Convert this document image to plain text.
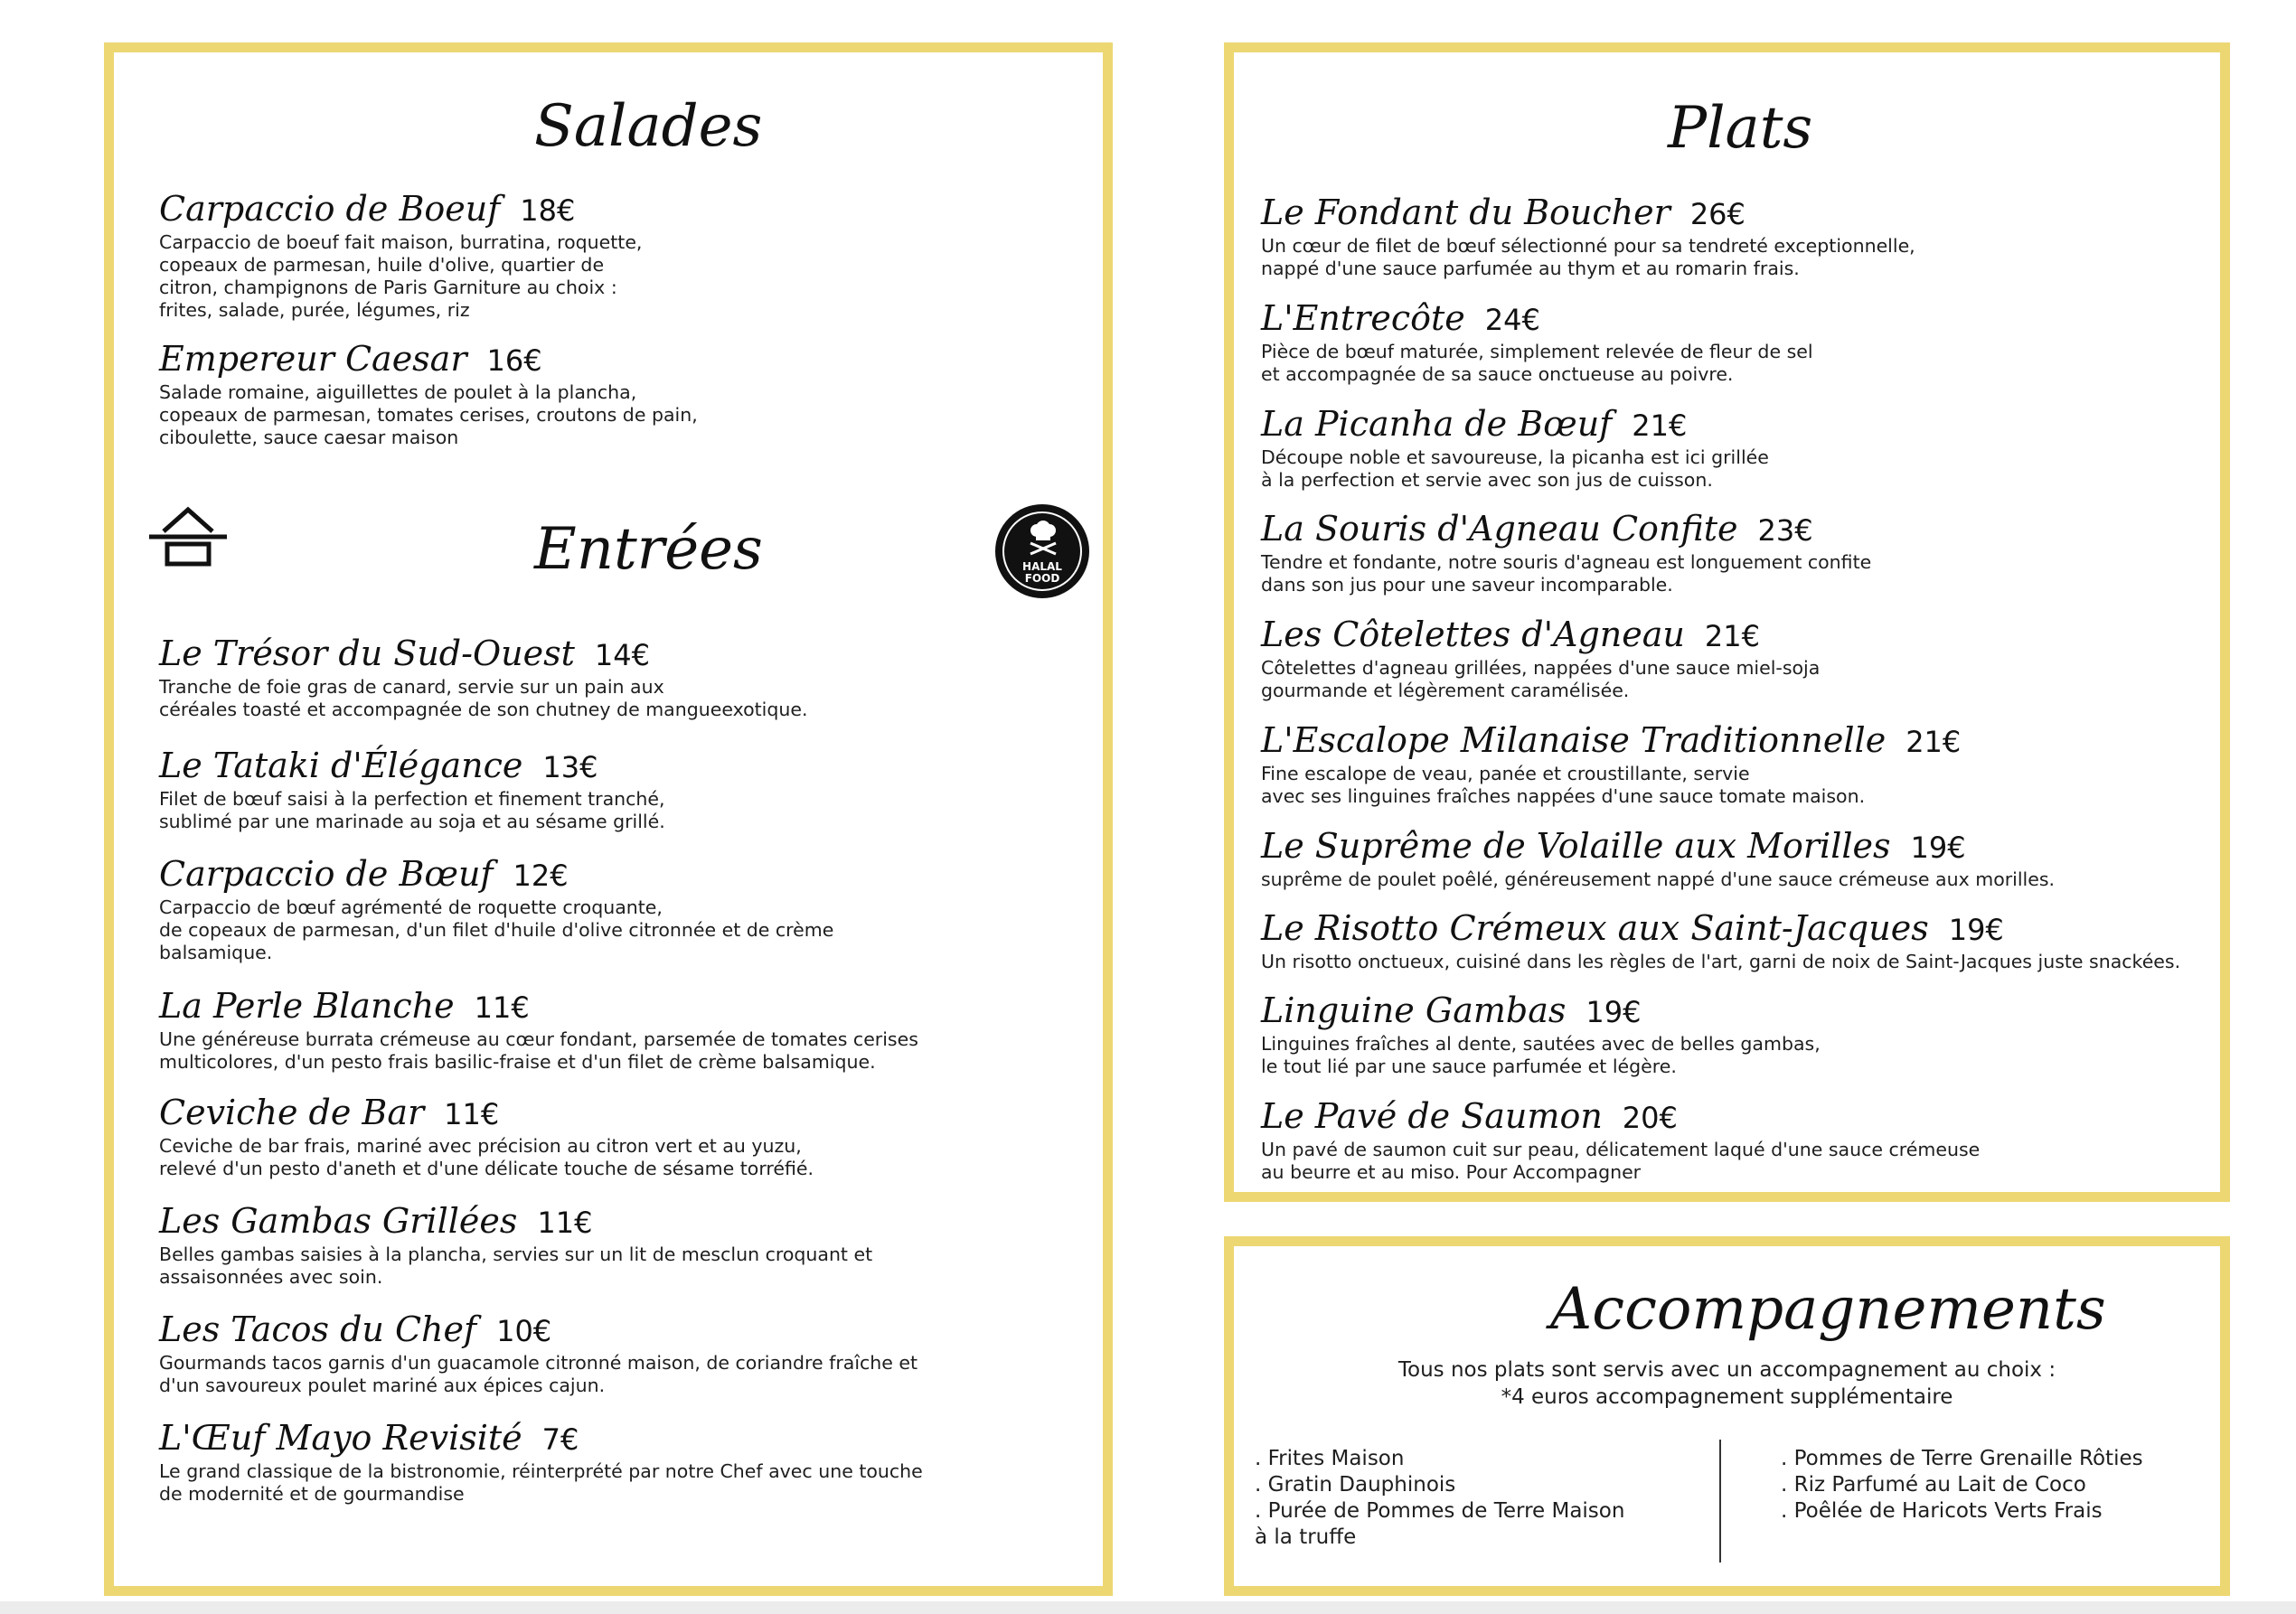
Salades
Carpaccio de Boeuf 18€

Carpaccio de boeuf fait maison, burratina, roquette,
copeaux de parmesan, huile d'olive, quartier de
citron, champignons de Paris Garniture au choix :
frites, salade, purée, légumes, riz

Empereur Caesar 16€

Salade romaine, aiguillettes de poulet à la plancha,
copeaux de parmesan, tomates cerises, croutons de pain,
ciboulette, sauce caesar maison

Entrées	HALAL
FOOD
Le Trésor du Sud-Ouest 14€

Tranche de foie gras de canard, servie sur un pain aux
céréales toasté et accompagnée de son chutney de mangueexotique.

Le Tataki d'Élégance 13€

Filet de bœuf saisi à la perfection et finement tranché,
sublimé par une marinade au soja et au sésame grillé.

Carpaccio de Bœuf 12€

Carpaccio de bœuf agrémenté de roquette croquante,
de copeaux de parmesan, d'un filet d'huile d'olive citronnée et de crème
balsamique.

La Perle Blanche 11€

Une généreuse burrata crémeuse au cœur fondant, parsemée de tomates cerises
multicolores, d'un pesto frais basilic-fraise et d'un filet de crème balsamique.

Ceviche de Bar 11€

Ceviche de bar frais, mariné avec précision au citron vert et au yuzu,
relevé d'un pesto d'aneth et d'une délicate touche de sésame torréfié.

Les Gambas Grillées 11€

Belles gambas saisies à la plancha, servies sur un lit de mesclun croquant et
assaisonnées avec soin.

Les Tacos du Chef 10€

Gourmands tacos garnis d'un guacamole citronné maison, de coriandre fraîche et
d'un savoureux poulet mariné aux épices cajun.

L'Œuf Mayo Revisité 7€

Le grand classique de la bistronomie, réinterprété par notre Chef avec une touche
de modernité et de gourmandise

Plats
Le Fondant du Boucher 26€

Un cœur de filet de bœuf sélectionné pour sa tendreté exceptionnelle,
nappé d'une sauce parfumée au thym et au romarin frais.

L'Entrecôte 24€

Pièce de bœuf maturée, simplement relevée de fleur de sel
et accompagnée de sa sauce onctueuse au poivre.

La Picanha de Bœuf 21€

Découpe noble et savoureuse, la picanha est ici grillée
à la perfection et servie avec son jus de cuisson.

La Souris d'Agneau Confite 23€

Tendre et fondante, notre souris d'agneau est longuement confite
dans son jus pour une saveur incomparable.

Les Côtelettes d'Agneau 21€

Côtelettes d'agneau grillées, nappées d'une sauce miel-soja
gourmande et légèrement caramélisée.

L'Escalope Milanaise Traditionnelle 21€

Fine escalope de veau, panée et croustillante, servie
avec ses linguines fraîches nappées d'une sauce tomate maison.

Le Suprême de Volaille aux Morilles 19€

suprême de poulet poêlé, généreusement nappé d'une sauce crémeuse aux morilles.

Le Risotto Crémeux aux Saint-Jacques 19€

Un risotto onctueux, cuisiné dans les règles de l'art, garni de noix de Saint-Jacques juste snackées.

Linguine Gambas 19€

Linguines fraîches al dente, sautées avec de belles gambas,
le tout lié par une sauce parfumée et légère.

Le Pavé de Saumon 20€

Un pavé de saumon cuit sur peau, délicatement laqué d'une sauce crémeuse
au beurre et au miso. Pour Accompagner

Accompagnements
Tous nos plats sont servis avec un accompagnement au choix :
*4 euros accompagnement supplémentaire
. Frites Maison
. Gratin Dauphinois
. Purée de Pommes de Terre Maison
à la truffe
. Pommes de Terre Grenaille Rôties
. Riz Parfumé au Lait de Coco
. Poêlée de Haricots Verts Frais
